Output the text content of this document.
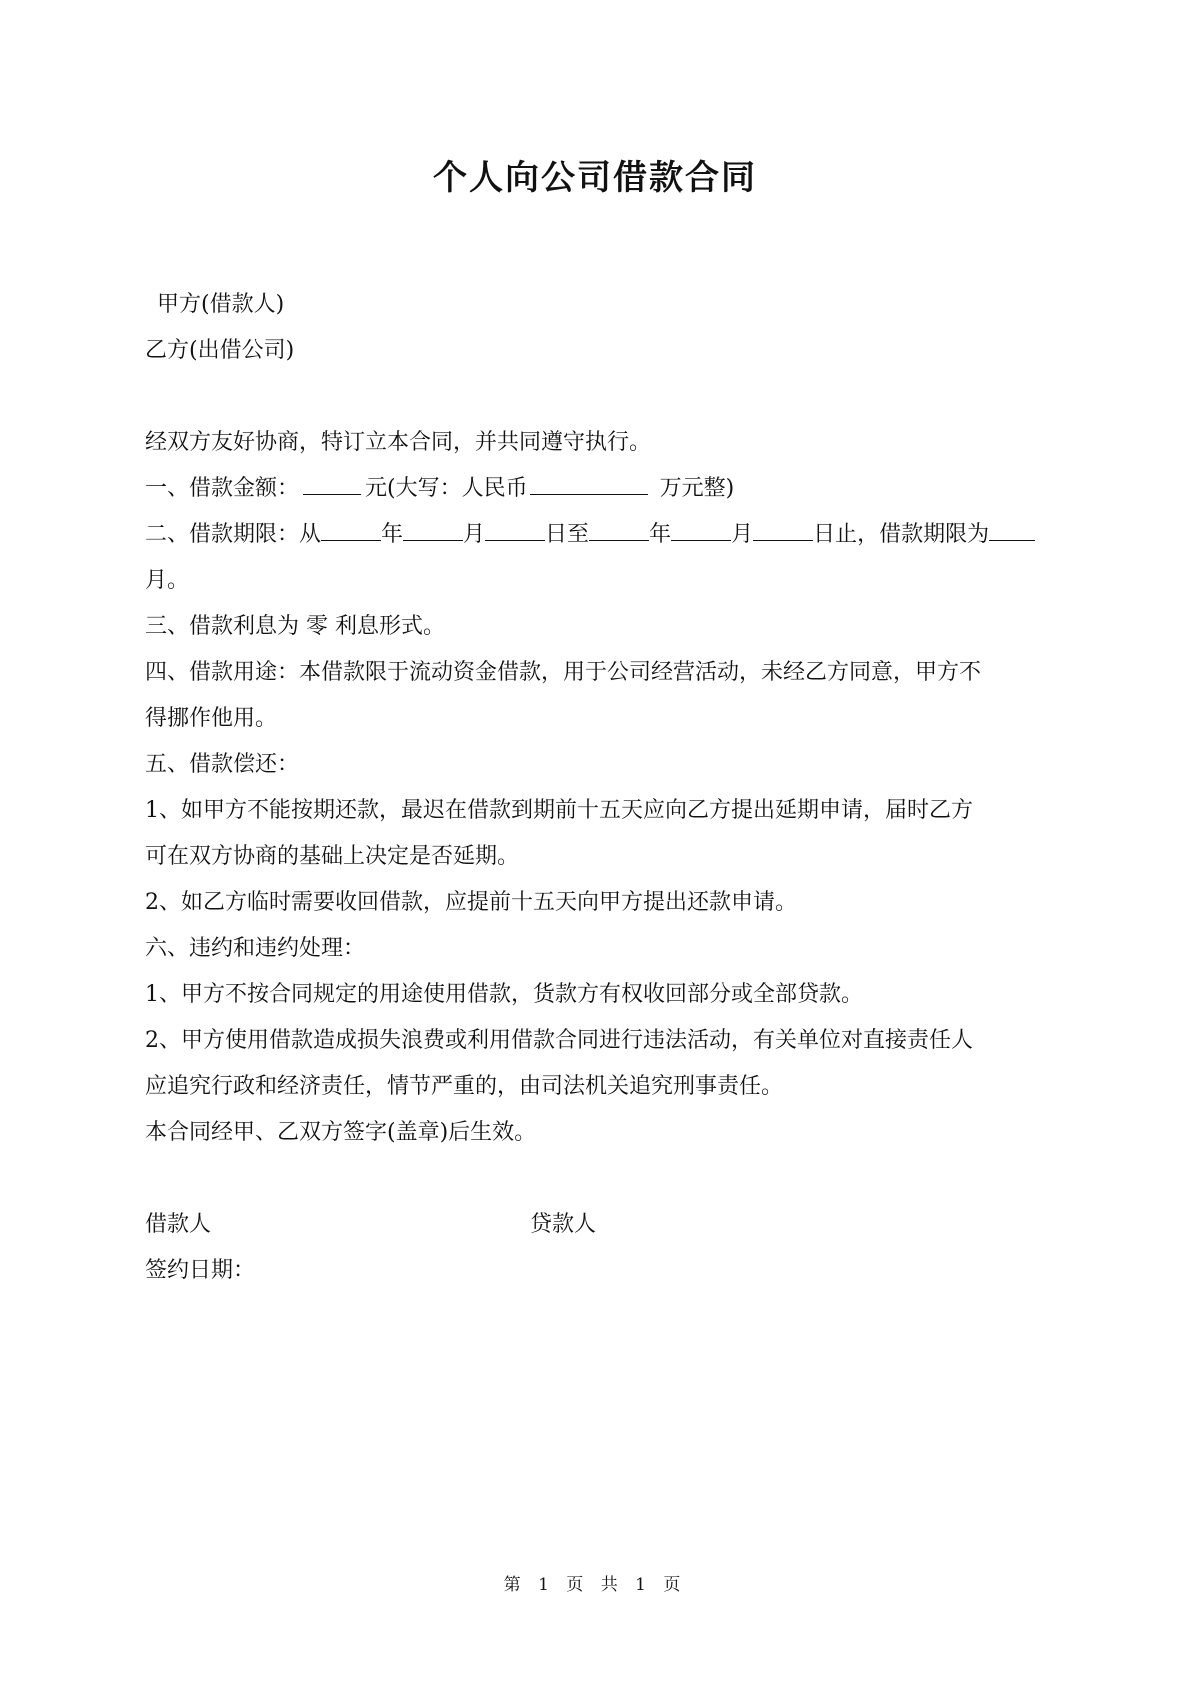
个人向公司借款合同
甲方(借款人)
乙方(出借公司)
经双方友好协商，特订立本合同，并共同遵守执行。
一、借款金额：	元(大写：人民币	万元整)
二、借款期限：从	年	月	日至	年	月	日止，借款期限为
月。
三、借款利息为 零 利息形式。
四、借款用途：本借款限于流动资金借款，用于公司经营活动，未经乙方同意，甲方不
得挪作他用。
五、借款偿还：
1、如甲方不能按期还款，最迟在借款到期前十五天应向乙方提出延期申请，届时乙方
可在双方协商的基础上决定是否延期。
2、如乙方临时需要收回借款，应提前十五天向甲方提出还款申请。
六、违约和违约处理：
1、甲方不按合同规定的用途使用借款，货款方有权收回部分或全部贷款。
2、甲方使用借款造成损失浪费或利用借款合同进行违法活动，有关单位对直接责任人
应追究行政和经济责任，情节严重的，由司法机关追究刑事责任。
本合同经甲、乙双方签字(盖章)后生效。
借款人	贷款人
签约日期：
第 1 页 共 1 页
